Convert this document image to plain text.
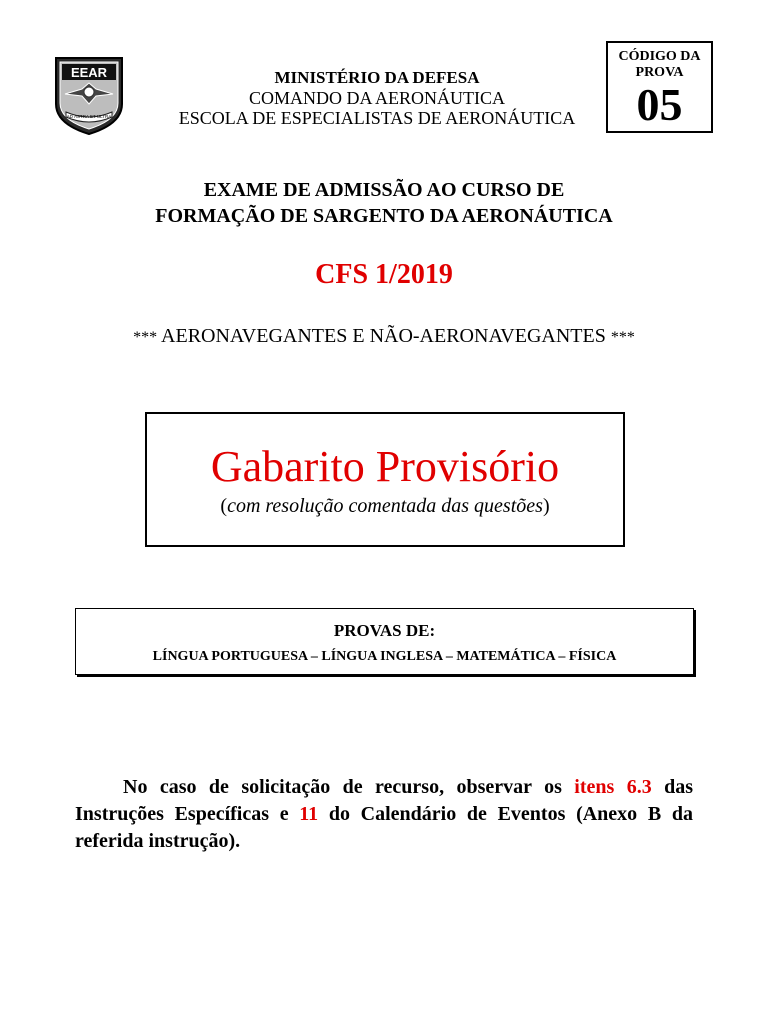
EEAR
AD ASTRA ET ULTRA
MINISTÉRIO DA DEFESA
COMANDO DA AERONÁUTICA
ESCOLA DE ESPECIALISTAS DE AERONÁUTICA
CÓDIGO DA PROVA
05
EXAME DE ADMISSÃO AO CURSO DE
FORMAÇÃO DE SARGENTO DA AERONÁUTICA
CFS 1/2019
*** AERONAVEGANTES E NÃO-AERONAVEGANTES ***
Gabarito Provisório
(com resolução comentada das questões)
PROVAS DE:
LÍNGUA PORTUGUESA – LÍNGUA INGLESA – MATEMÁTICA – FÍSICA
No caso de solicitação de recurso, observar os itens 6.3 das Instruções Específicas e 11 do Calendário de Eventos (Anexo B da referida instrução).
